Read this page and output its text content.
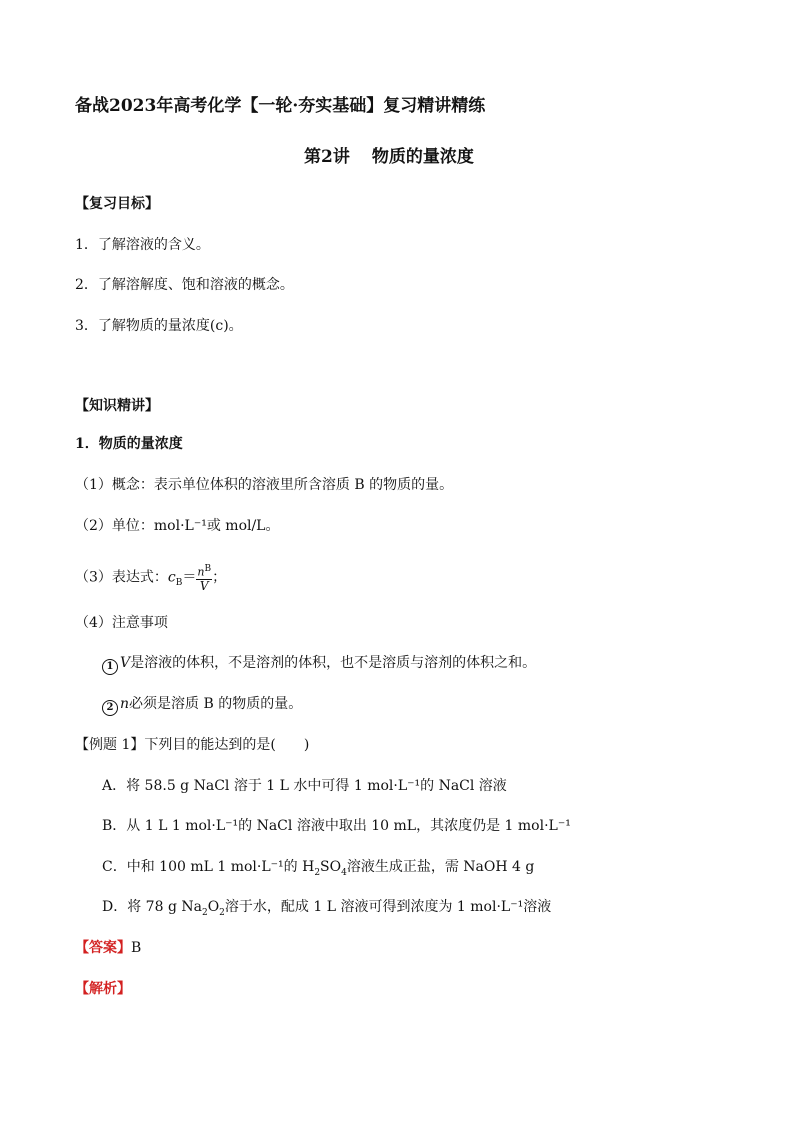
备战2023年高考化学【一轮·夯实基础】复习精讲精练
第2讲 物质的量浓度
【复习目标】
1．了解溶液的含义。
2．了解溶解度、饱和溶液的概念。
3．了解物质的量浓度(c)。
【知识精讲】
1．物质的量浓度
（1）概念：表示单位体积的溶液里所含溶质 B 的物质的量。
（2）单位：mol·L⁻¹或 mol/L。
（3）表达式：$c_B= \frac{n^B}{V}$ ；
（4）注意事项
1 V是溶液的体积，不是溶剂的体积，也不是溶质与溶剂的体积之和。
2 n必须是溶质 B 的物质的量。
【例题 1】下列目的能达到的是(　　)
A．将 58.5 g NaCl 溶于 1 L 水中可得 1 mol·L⁻¹的 NaCl 溶液
B．从 1 L 1 mol·L⁻¹的 NaCl 溶液中取出 10 mL，其浓度仍是 1 mol·L⁻¹
C．中和 100 mL 1 mol·L⁻¹的 $H_2SO_4$溶液生成正盐，需 NaOH 4 g
D．将 78 g $Na_2O_2$溶于水，配成 1 L 溶液可得到浓度为 1 mol·L⁻¹溶液
【答案】B
【解析】
